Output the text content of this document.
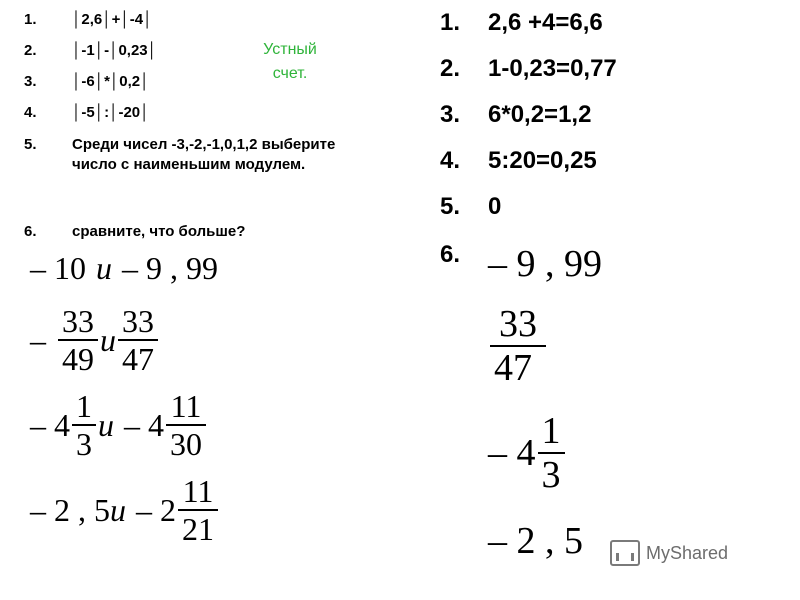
1. │2,6│+│-4│
2. │-1│-│0,23│
3. │-6│*│0,2│
4. │-5│:│-20│
5. Среди чисел -3,-2,-1,0,1,2 выберите число с наименьшим модулем.
6. сравните, что больше?
Устный
счет.
– 10 u – 9 , 99
– $\frac{33}{49}$ u $\frac{33}{47}$
– $4 \frac{1}{3}$ u – $4 \frac{11}{30}$
– 2 , 5 u – $2 \frac{11}{21}$
1. 2,6 +4=6,6
2. 1-0,23=0,77
3. 6*0,2=1,2
4. 5:20=0,25
5. 0
6. – 9 , 99
$\frac{33}{47}$
– $4 \frac{1}{3}$
– 2 , 5	MyShared
